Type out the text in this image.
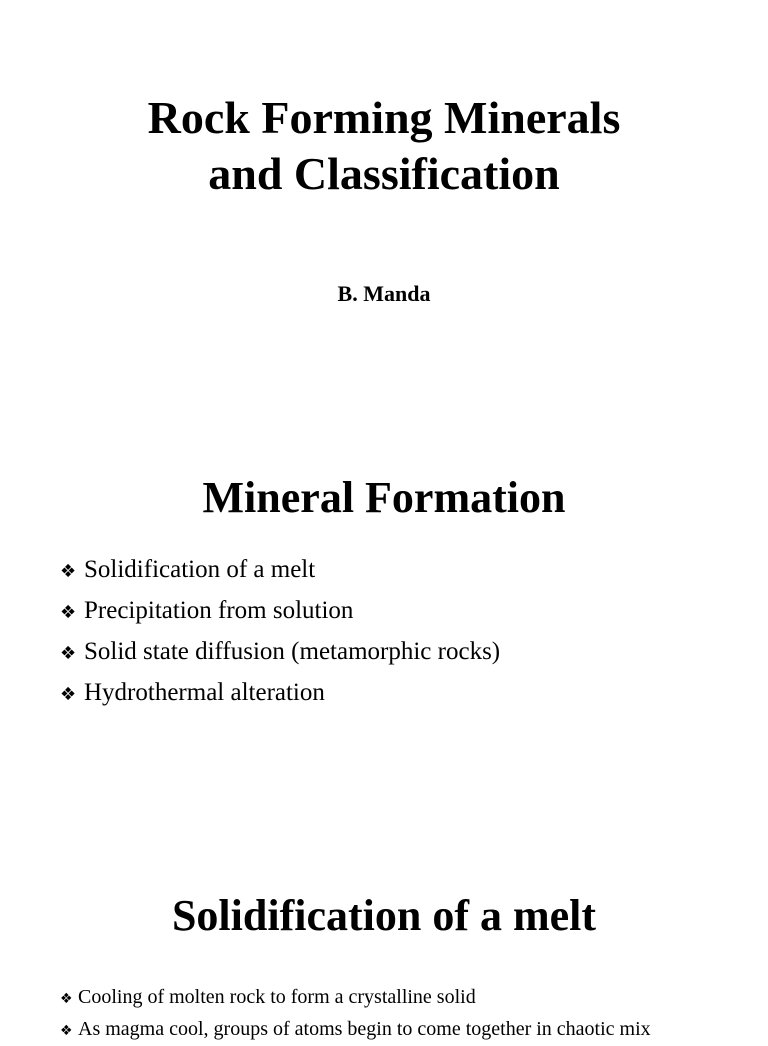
Rock Forming Minerals
and Classification
B. Manda
Mineral Formation
❖ Solidification of a melt
❖ Precipitation from solution
❖ Solid state diffusion (metamorphic rocks)
❖ Hydrothermal alteration
Solidification of a melt
❖ Cooling of molten rock to form a crystalline solid
❖ As magma cool, groups of atoms begin to come together in chaotic mix
